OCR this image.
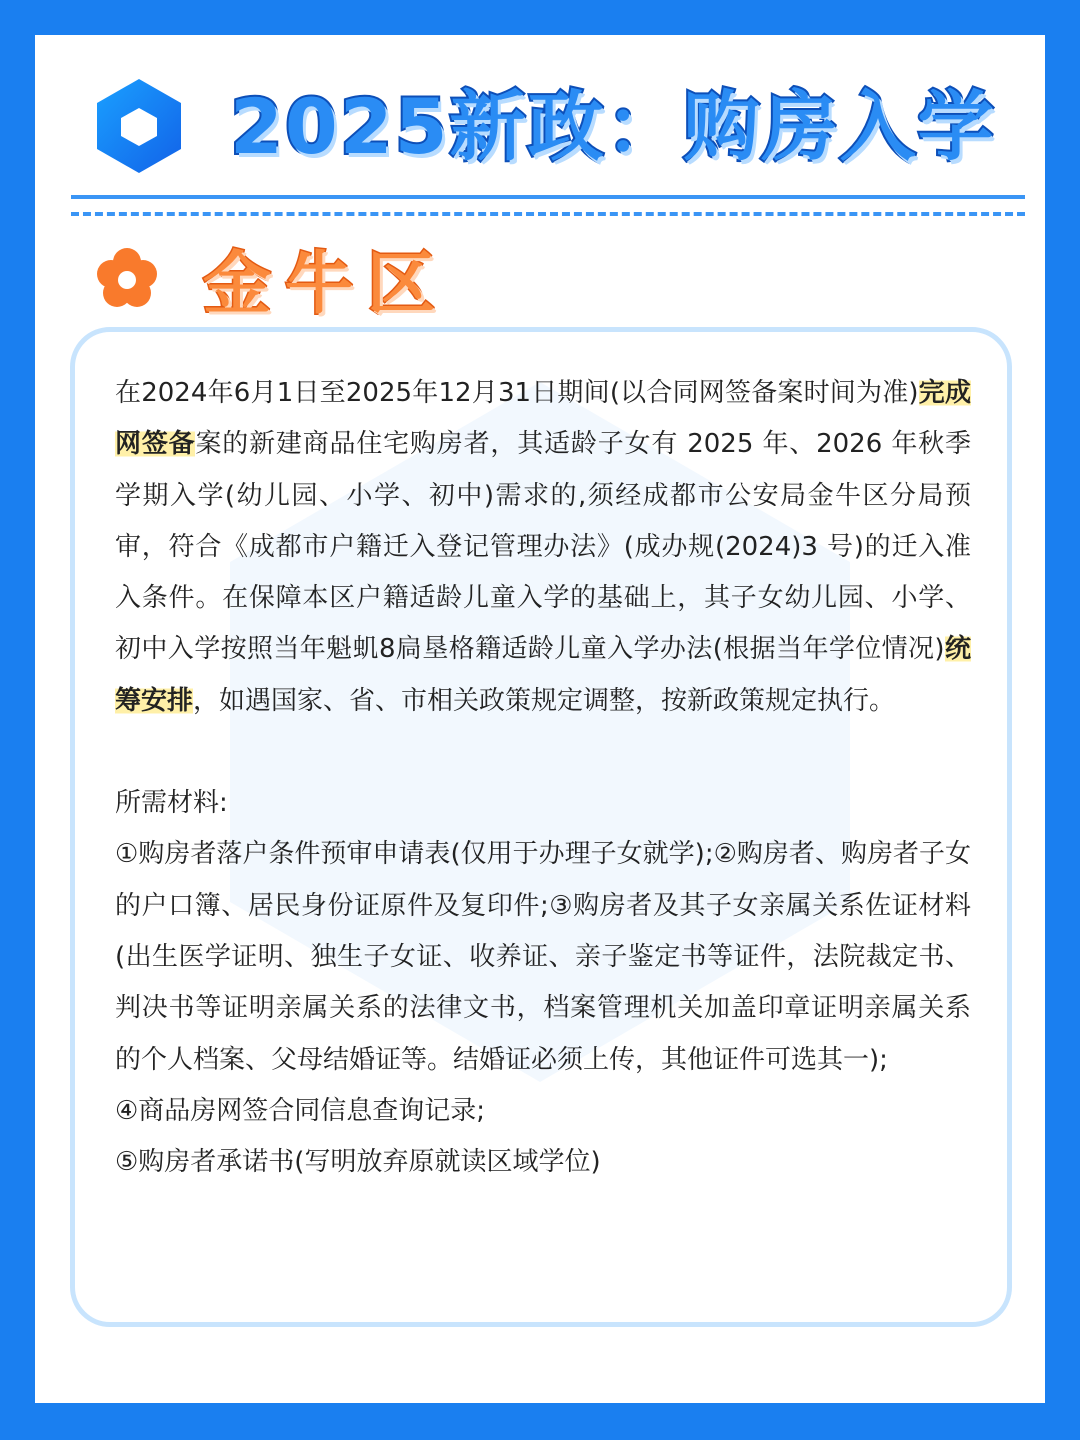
2025新政：购房入学
金牛区

在2024年6月1日至2025年12月31日期间(以合同网签备案时间为准)完成网签备案的新建商品住宅购房者，其适龄子女有 2025 年、2026 年秋季学期入学(幼儿园、小学、初中)需求的,须经成都市公安局金牛区分局预审，符合《成都市户籍迁入登记管理办法》(成办规(2024)3 号)的迁入准入条件。在保障本区户籍适龄儿童入学的基础上，其子女幼儿园、小学、初中入学按照当年魁虮8扃垦格籍适龄儿童入学办法(根据当年学位情况)统筹安排，如遇国家、省、市相关政策规定调整，按新政策规定执行。

所需材料:

①购房者落户条件预审申请表(仅用于办理子女就学);②购房者、购房者子女的户口簿、居民身份证原件及复印件;③购房者及其子女亲属关系佐证材料(出生医学证明、独生子女证、收养证、亲子鉴定书等证件，法院裁定书、判决书等证明亲属关系的法律文书，档案管理机关加盖印章证明亲属关系的个人档案、父母结婚证等。结婚证必须上传，其他证件可选其一);

④商品房网签合同信息查询记录;

⑤购房者承诺书(写明放弃原就读区域学位)
